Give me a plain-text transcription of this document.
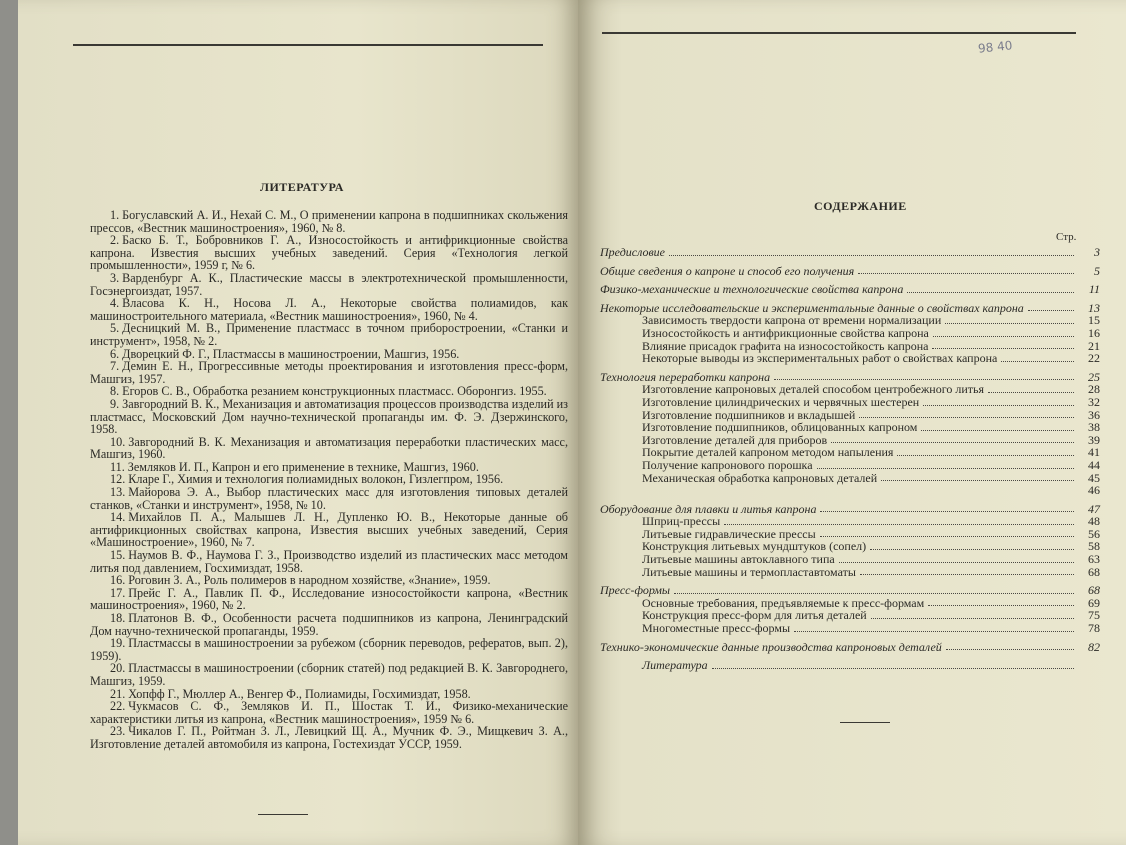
ЛИТЕРАТУРА
1. Богуславский А. И., Нехай С. М., О применении капрона в подшипниках скольжения прессов, «Вестник машиностроения», 1960, № 8.
2. Баско Б. Т., Бобровников Г. А., Износостойкость и антифрикционные свойства капрона. Известия высших учебных заведений. Серия «Технология легкой промышленности», 1959 г, № 6.
3. Варденбург А. К., Пластические массы в электротехнической промышленности, Госэнергоиздат, 1957.
4. Власова К. Н., Носова Л. А., Некоторые свойства полиамидов, как машиностроительного материала, «Вестник машиностроения», 1960, № 4.
5. Десницкий М. В., Применение пластмасс в точном приборостроении, «Станки и инструмент», 1958, № 2.
6. Дворецкий Ф. Г., Пластмассы в машиностроении, Машгиз, 1956.
7. Демин Е. Н., Прогрессивные методы проектирования и изготовления пресс-форм, Машгиз, 1957.
8. Егоров С. В., Обработка резанием конструкционных пластмасс. Оборонгиз. 1955.
9. Завгородний В. К., Механизация и автоматизация процессов производства изделий из пластмасс, Московский Дом научно-технической пропаганды им. Ф. Э. Дзержинского, 1958.
10. Завгородний В. К. Механизация и автоматизация переработки пластических масс, Машгиз, 1960.
11. Земляков И. П., Капрон и его применение в технике, Машгиз, 1960.
12. Кларе Г., Химия и технология полиамидных волокон, Гизлегпром, 1956.
13. Майорова Э. А., Выбор пластических масс для изготовления типовых деталей станков, «Станки и инструмент», 1958, № 10.
14. Михайлов П. А., Малышев Л. Н., Дупленко Ю. В., Некоторые данные об антифрикционных свойствах капрона, Известия высших учебных заведений, Серия «Машиностроение», 1960, № 7.
15. Наумов В. Ф., Наумова Г. З., Производство изделий из пластических масс методом литья под давлением, Госхимиздат, 1958.
16. Роговин З. А., Роль полимеров в народном хозяйстве, «Знание», 1959.
17. Прейс Г. А., Павлик П. Ф., Исследование износостойкости капрона, «Вестник машиностроения», 1960, № 2.
18. Платонов В. Ф., Особенности расчета подшипников из капрона, Ленинградский Дом научно-технической пропаганды, 1959.
19. Пластмассы в машиностроении за рубежом (сборник переводов, рефератов, вып. 2), 1959).
20. Пластмассы в машиностроении (сборник статей) под редакцией В. К. Завгороднего, Машгиз, 1959.
21. Хопфф Г., Мюллер А., Венгер Ф., Полиамиды, Госхимиздат, 1958.
22. Чукмасов С. Ф., Земляков И. П., Шостак Т. И., Физико-механические характеристики литья из капрона, «Вестник машиностроения», 1959 № 6.
23. Чикалов Г. П., Ройтман З. Л., Левицкий Щ. А., Мучник Ф. Э., Мищкевич З. А., Изготовление деталей автомобиля из капрона, Гостехиздат УССР, 1959.
98 40
СОДЕРЖАНИЕ
Стр.
Предисловие	3
Общие сведения о капроне и способ его получения	5
Физико-механические и технологические свойства капрона	11
Некоторые исследовательские и экспериментальные данные о свойствах капрона	13
Зависимость твердости капрона от времени нормализации	15
Износостойкость и антифрикционные свойства капрона	16
Влияние присадок графита на износостойкость капрона	21
Некоторые выводы из экспериментальных работ о свойствах капрона	22
Технология переработки капрона	25
Изготовление капроновых деталей способом центробежного литья	28
Изготовление цилиндрических и червячных шестерен	32
Изготовление подшипников и вкладышей	36
Изготовление подшипников, облицованных капроном	38
Изготовление деталей для приборов	39
Покрытие деталей капроном методом напыления	41
Получение капронового порошка	44
Механическая обработка капроновых деталей	45
46
Оборудование для плавки и литья капрона	47
Шприц-прессы	48
Литьевые гидравлические прессы	56
Конструкция литьевых мундштуков (сопел)	58
Литьевые машины автоклавного типа	63
Литьевые машины и термопластавтоматы	68
Пресс-формы	68
Основные требования, предъявляемые к пресс-формам	69
Конструкция пресс-форм для литья деталей	75
Многоместные пресс-формы	78
Технико-экономические данные производства капроновых деталей	82
Литература
